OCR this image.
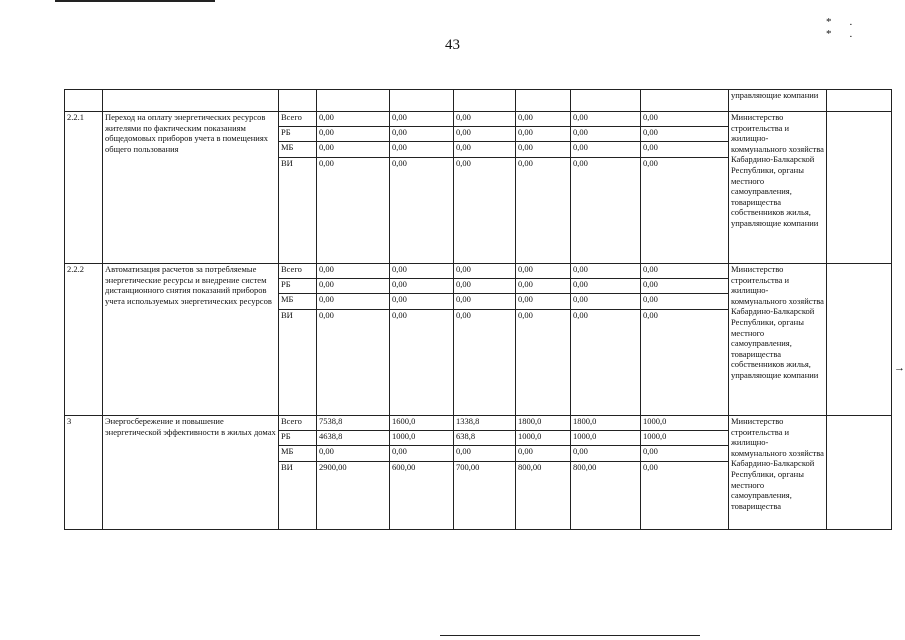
43
*. *.
→
									управляющие компании	
2.2.1	Переход на оплату энергетических ресурсов жителями по фактическим показаниям общедомовых приборов учета в помещениях общего пользования	Всего	0,00	0,00	0,00	0,00	0,00	0,00	Министерство строительства и жилищно-коммунального хозяйства Кабардино-Балкарской Республики, органы местного самоуправления, товарищества собственников жилья, управляющие компании	
		РБ	0,00	0,00	0,00	0,00	0,00	0,00		
		МБ	0,00	0,00	0,00	0,00	0,00	0,00		
		ВИ	0,00	0,00	0,00	0,00	0,00	0,00		
2.2.2	Автоматизация расчетов за потребляемые энергетические ресурсы и внедрение систем дистанционного снятия показаний приборов учета используемых энергетических ресурсов	Всего	0,00	0,00	0,00	0,00	0,00	0,00	Министерство строительства и жилищно-коммунального хозяйства Кабардино-Балкарской Республики, органы местного самоуправления, товарищества собственников жилья, управляющие компании	
		РБ	0,00	0,00	0,00	0,00	0,00	0,00		
		МБ	0,00	0,00	0,00	0,00	0,00	0,00		
		ВИ	0,00	0,00	0,00	0,00	0,00	0,00		
3	Энергосбережение и повышение энергетической эффективности в жилых домах	Всего	7538,8	1600,0	1338,8	1800,0	1800,0	1000,0	Министерство строительства и жилищно-коммунального хозяйства Кабардино-Балкарской Республики, органы местного самоуправления, товарищества	
		РБ	4638,8	1000,0	638,8	1000,0	1000,0	1000,0		
		МБ	0,00	0,00	0,00	0,00	0,00	0,00		
		ВИ	2900,00	600,00	700,00	800,00	800,00	0,00		
